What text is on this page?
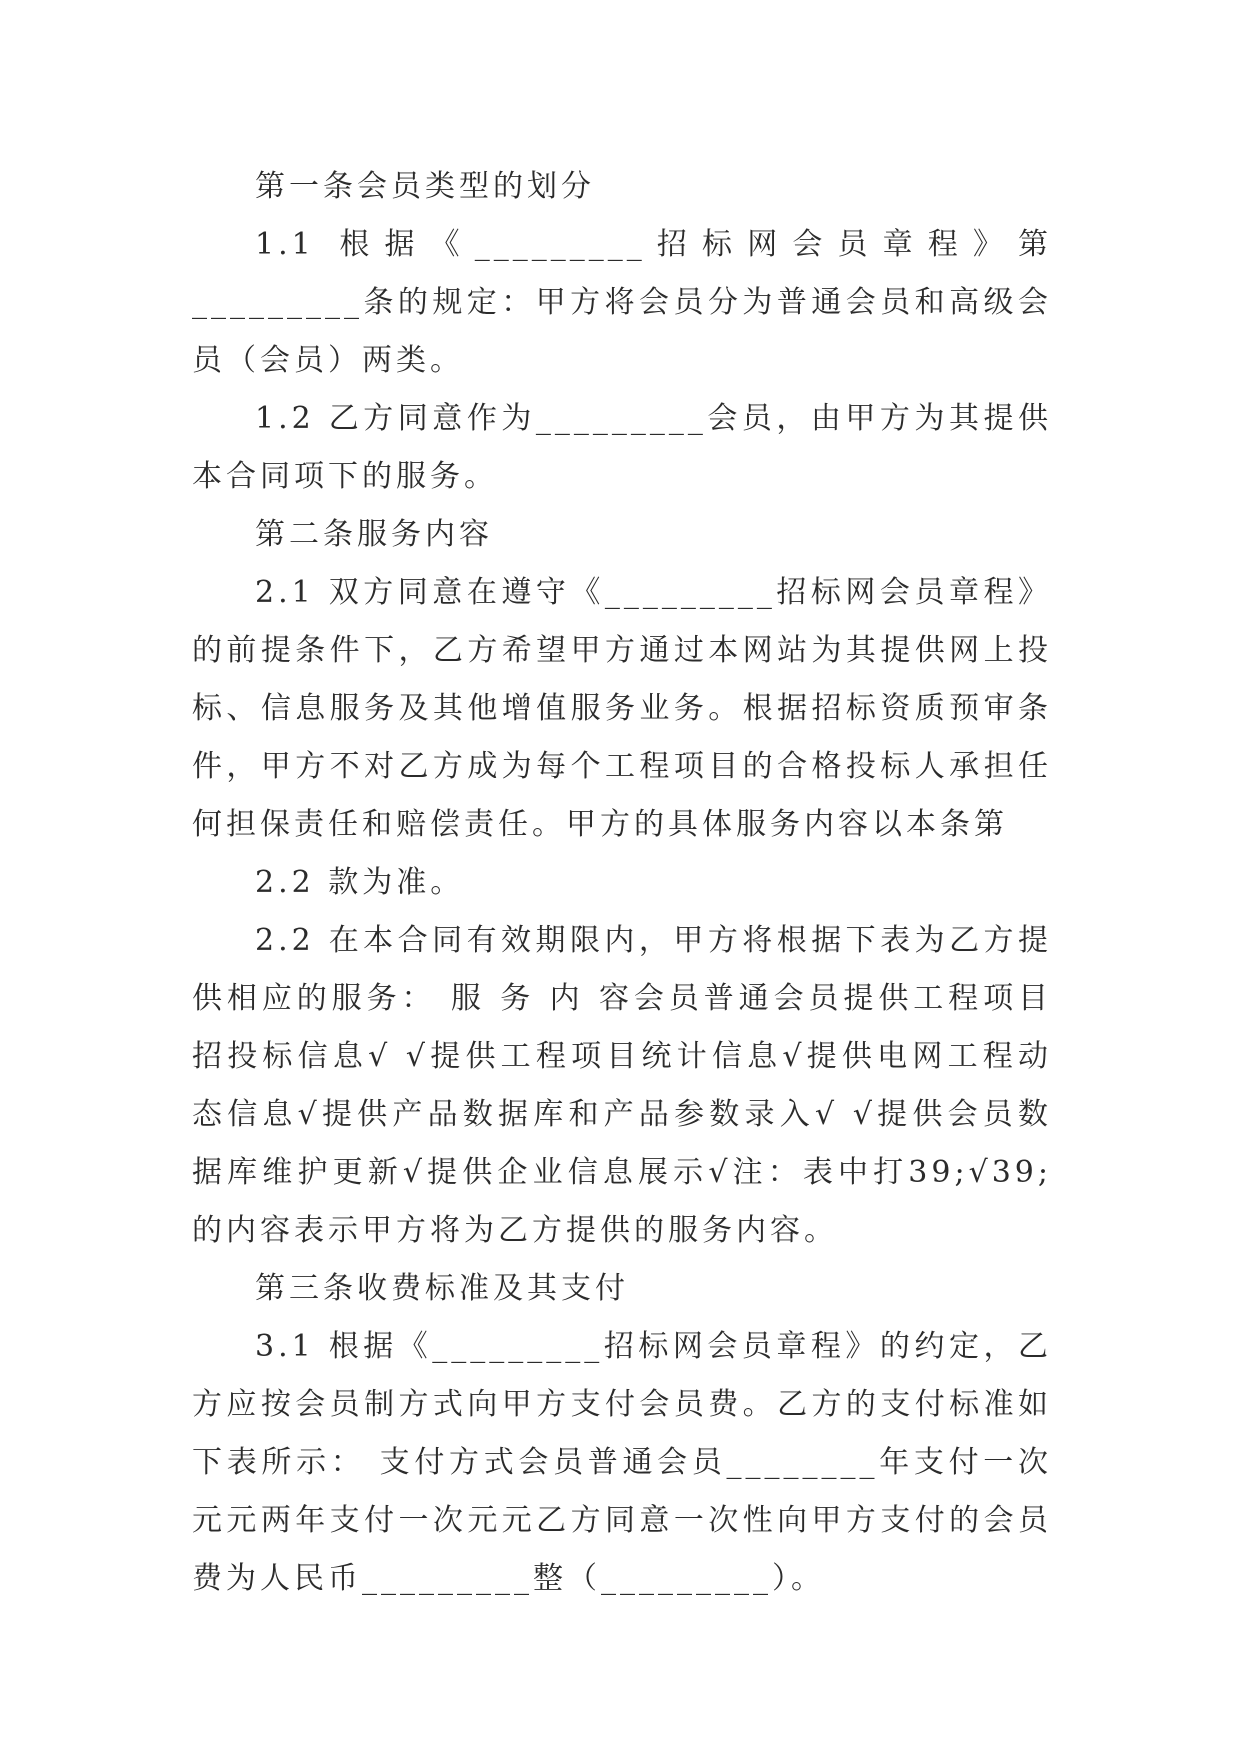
第一条会员类型的划分

1.1 根据《_________招标网会员章程》第_________条的规定：甲方将会员分为普通会员和高级会员（会员）两类。

1.2 乙方同意作为_________会员，由甲方为其提供本合同项下的服务。

第二条服务内容

2.1 双方同意在遵守《_________招标网会员章程》的前提条件下，乙方希望甲方通过本网站为其提供网上投标、信息服务及其他增值服务业务。根据招标资质预审条件，甲方不对乙方成为每个工程项目的合格投标人承担任何担保责任和赔偿责任。甲方的具体服务内容以本条第

2.2 款为准。

2.2 在本合同有效期限内，甲方将根据下表为乙方提供相应的服务： 服 务 内 容会员普通会员提供工程项目招投标信息√ √提供工程项目统计信息√提供电网工程动态信息√提供产品数据库和产品参数录入√ √提供会员数据库维护更新√提供企业信息展示√注：表中打39;√39;的内容表示甲方将为乙方提供的服务内容。

第三条收费标准及其支付

3.1 根据《_________招标网会员章程》的约定，乙方应按会员制方式向甲方支付会员费。乙方的支付标准如下表所示： 支付方式会员普通会员________年支付一次元元两年支付一次元元乙方同意一次性向甲方支付的会员费为人民币_________整（_________）。
